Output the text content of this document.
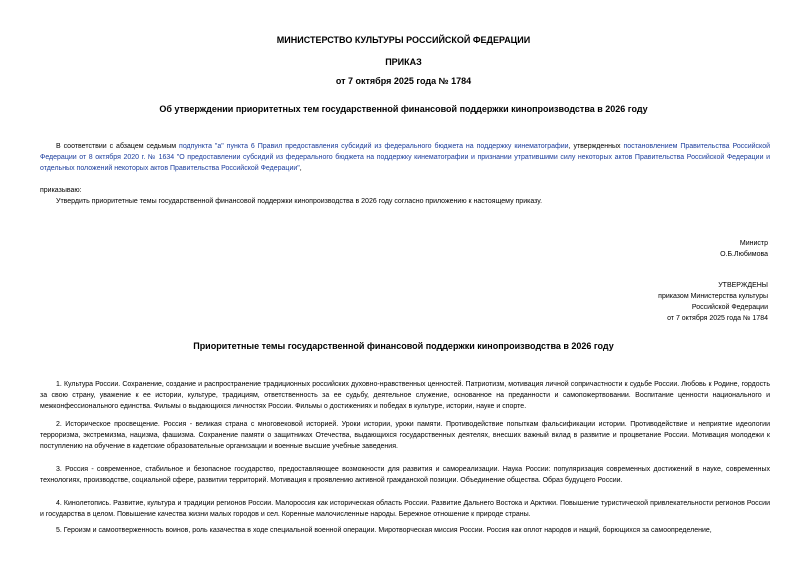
МИНИСТЕРСТВО КУЛЬТУРЫ РОССИЙСКОЙ ФЕДЕРАЦИИ
ПРИКАЗ
от 7 октября 2025 года № 1784
Об утверждении приоритетных тем государственной финансовой поддержки кинопроизводства в 2026 году
В соответствии с абзацем седьмым подпункта "а" пункта 6 Правил предоставления субсидий из федерального бюджета на поддержку кинематографии, утвержденных постановлением Правительства Российской Федерации от 8 октября 2020 г. № 1634 "О предоставлении субсидий из федерального бюджета на поддержку кинематографии и признании утратившими силу некоторых актов Правительства Российской Федерации и отдельных положений некоторых актов Правительства Российской Федерации",
приказываю:
Утвердить приоритетные темы государственной финансовой поддержки кинопроизводства в 2026 году согласно приложению к настоящему приказу.
Министр
О.Б.Любимова
УТВЕРЖДЕНЫ
приказом Министерства культуры
Российской Федерации
от 7 октября 2025 года № 1784
Приоритетные темы государственной финансовой поддержки кинопроизводства в 2026 году
1. Культура России. Сохранение, создание и распространение традиционных российских духовно-нравственных ценностей. Патриотизм, мотивация личной сопричастности к судьбе России. Любовь к Родине, гордость за свою страну, уважение к ее истории, культуре, традициям, ответственность за ее судьбу, деятельное служение, основанное на преданности и самопожертвовании. Воспитание ценности национального и межконфессионального единства. Фильмы о выдающихся личностях России. Фильмы о достижениях и победах в культуре, истории, науке и спорте.
2. Историческое просвещение. Россия - великая страна с многовековой историей. Уроки истории, уроки памяти. Противодействие попыткам фальсификации истории. Противодействие и неприятие идеологии терроризма, экстремизма, нацизма, фашизма. Сохранение памяти о защитниках Отечества, выдающихся государственных деятелях, внесших важный вклад в развитие и процветание России. Мотивация молодежи к поступлению на обучение в кадетские образовательные организации и военные высшие учебные заведения.
3. Россия - современное, стабильное и безопасное государство, предоставляющее возможности для развития и самореализации. Наука России: популяризация современных достижений в науке, современных технологиях, производстве, социальной сфере, развитии территорий. Мотивация к проявлению активной гражданской позиции. Объединение общества. Образ будущего России.
4. Кинолетопись. Развитие, культура и традиции регионов России. Малороссия как историческая область России. Развитие Дальнего Востока и Арктики. Повышение туристической привлекательности регионов России и государства в целом. Повышение качества жизни малых городов и сел. Коренные малочисленные народы. Бережное отношение к природе страны.
5. Героизм и самоотверженность воинов, роль казачества в ходе специальной военной операции. Миротворческая миссия России. Россия как оплот народов и наций, борющихся за самоопределение,
